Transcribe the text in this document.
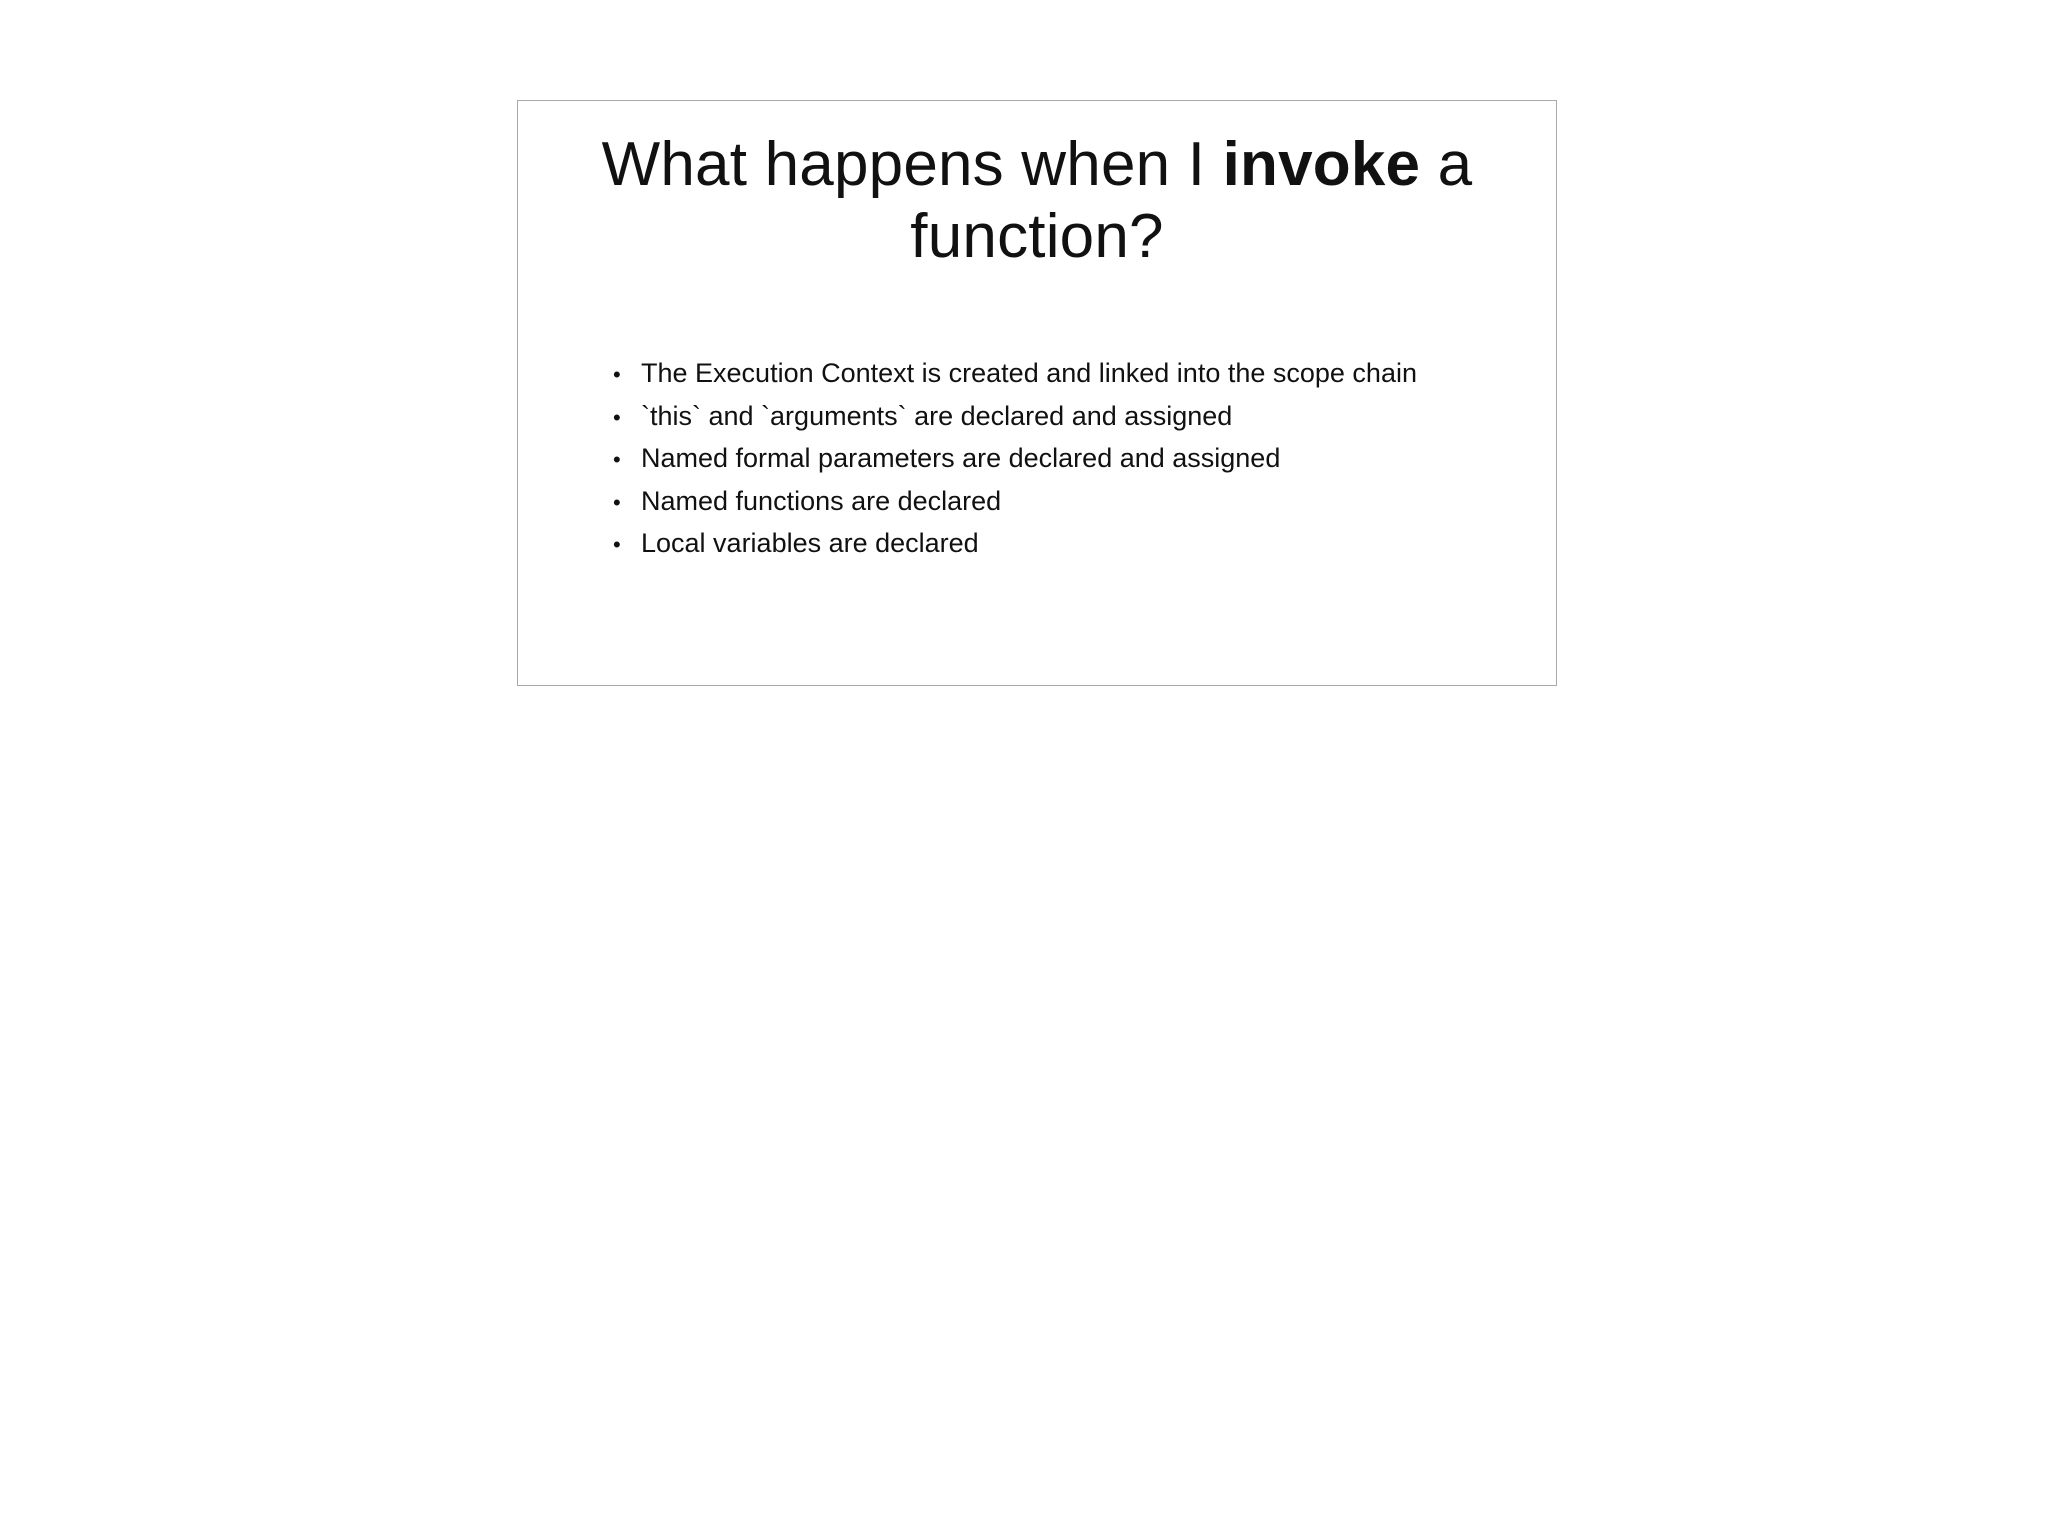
What happens when I invoke a
function?
• The Execution Context is created and linked into the scope chain
• `this` and `arguments` are declared and assigned
• Named formal parameters are declared and assigned
• Named functions are declared
• Local variables are declared
